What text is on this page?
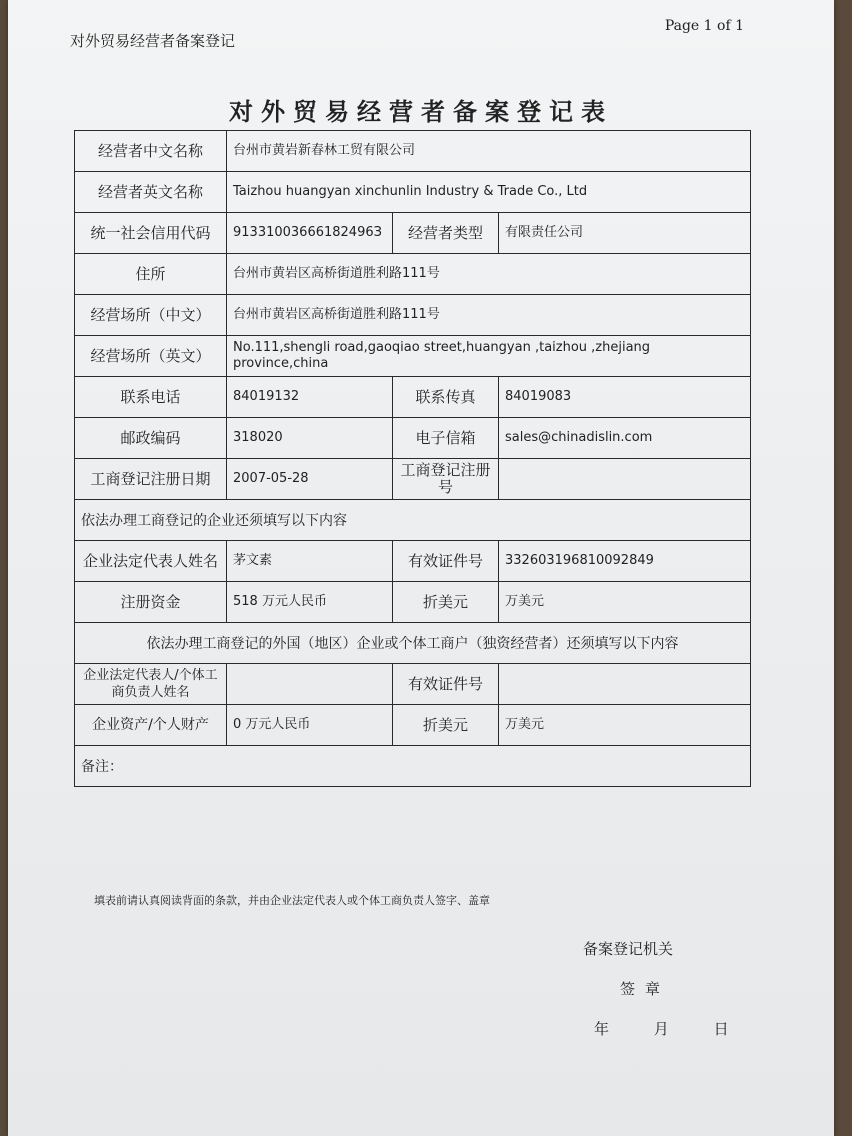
对外贸易经营者备案登记
Page 1 of 1
对外贸易经营者备案登记表
经营者中文名称	台州市黄岩新春林工贸有限公司		
经营者英文名称	Taizhou huangyan xinchunlin Industry & Trade Co., Ltd		
统一社会信用代码	91331003666182496З	经营者类型	有限责任公司
住所	台州市黄岩区高桥街道胜利路111号		
经营场所（中文）	台州市黄岩区高桥街道胜利路111号		
经营场所（英文）	No.111,shengli road,gaoqiao street,huangyan ,taizhou ,zhejiang province,china		
联系电话	84019132	联系传真	84019083
邮政编码	318020	电子信箱	sales@chinadislin.com
工商登记注册日期	2007-05-28	工商登记注册号	
依法办理工商登记的企业还须填写以下内容			
企业法定代表人姓名	茅文素	有效证件号	332603196810092849
注册资金	518 万元人民币	折美元	万美元
依法办理工商登记的外国（地区）企业或个体工商户（独资经营者）还须填写以下内容			
企业法定代表人/个体工商负责人姓名		有效证件号	
企业资产/个人财产	0 万元人民币	折美元	万美元
备注：			
填表前请认真阅读背面的条款，并由企业法定代表人或个体工商负责人签字、盖章
备案登记机关
签章
年	月	日
